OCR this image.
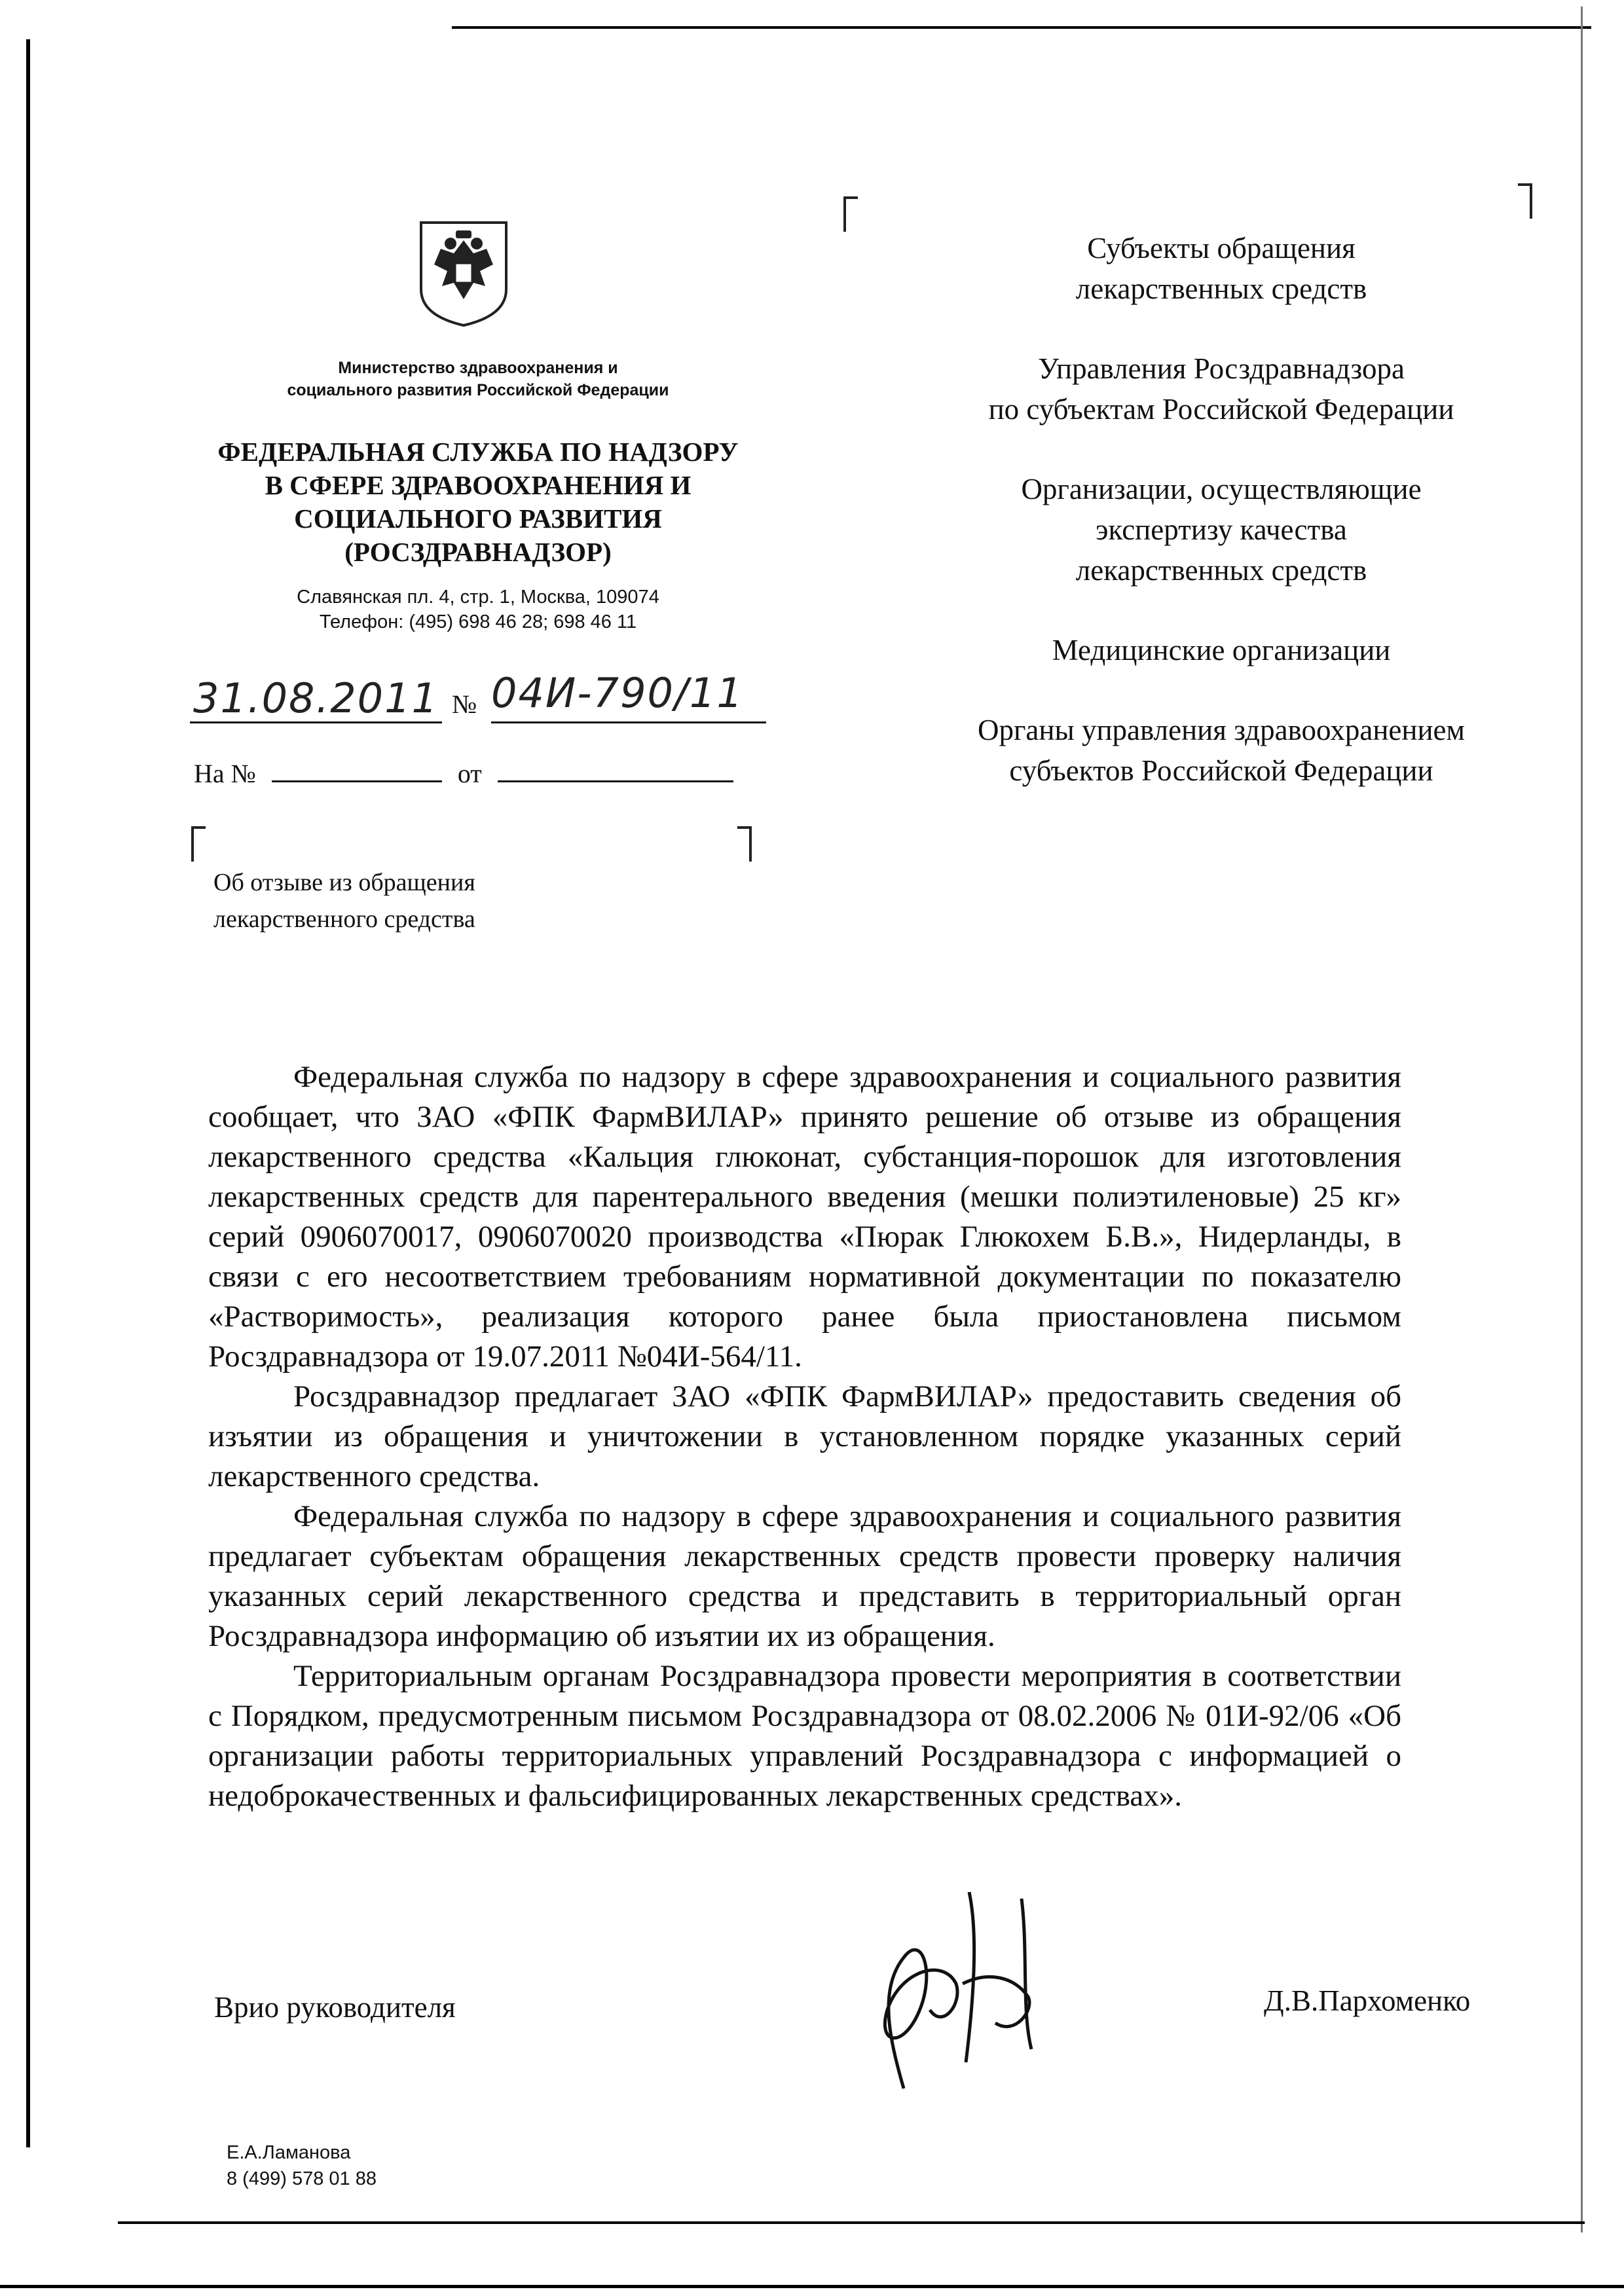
Министерство здравоохранения и
социального развития Российской Федерации
ФЕДЕРАЛЬНАЯ СЛУЖБА ПО НАДЗОРУ
В СФЕРЕ ЗДРАВООХРАНЕНИЯ И
СОЦИАЛЬНОГО РАЗВИТИЯ
(РОСЗДРАВНАДЗОР)
Славянская пл. 4, стр. 1, Москва, 109074
Телефон: (495) 698 46 28; 698 46 11
31.08.2011 № 04И-790/11
На №	от
Об отзыве из обращения
лекарственного средства
Субъекты обращения
лекарственных средств
Управления Росздравнадзора
по субъектам Российской Федерации
Организации, осуществляющие
экспертизу качества
лекарственных средств
Медицинские организации
Органы управления здравоохранением
субъектов Российской Федерации

Федеральная служба по надзору в сфере здравоохранения и социального развития сообщает, что ЗАО «ФПК ФармВИЛАР» принято решение об отзыве из обращения лекарственного средства «Кальция глюконат, субстанция-порошок для изготовления лекарственных средств для парентерального введения (мешки полиэтиленовые) 25 кг» серий 0906070017, 0906070020 производства «Пюрак Глюкохем Б.В.», Нидерланды, в связи с его несоответствием требованиям нормативной документации по показателю «Растворимость», реализация которого ранее была приостановлена письмом Росздравнадзора от 19.07.2011 №04И-564/11.

Росздравнадзор предлагает ЗАО «ФПК ФармВИЛАР» предоставить сведения об изъятии из обращения и уничтожении в установленном порядке указанных серий лекарственного средства.

Федеральная служба по надзору в сфере здравоохранения и социального развития предлагает субъектам обращения лекарственных средств провести проверку наличия указанных серий лекарственного средства и представить в территориальный орган Росздравнадзора информацию об изъятии их из обращения.

Территориальным органам Росздравнадзора провести мероприятия в соответствии с Порядком, предусмотренным письмом Росздравнадзора от 08.02.2006 № 01И-92/06 «Об организации работы территориальных управлений Росздравнадзора с информацией о недоброкачественных и фальсифицированных лекарственных средствах».

Врио руководителя	Д.В.Пархоменко
Е.А.Ламанова
8 (499) 578 01 88
